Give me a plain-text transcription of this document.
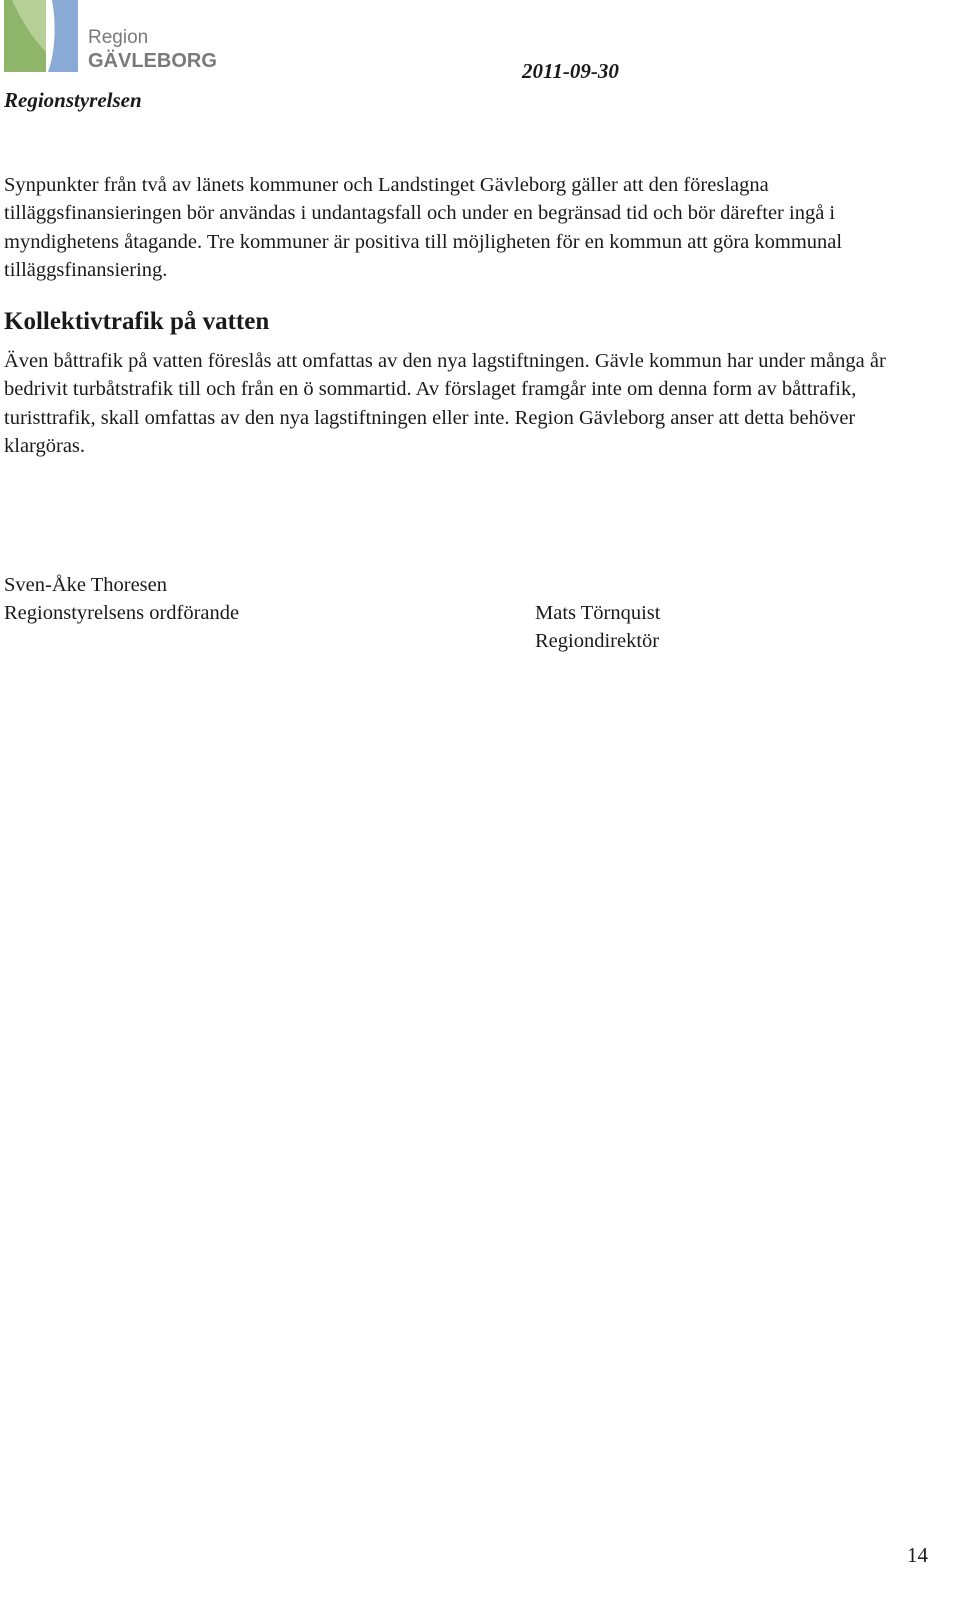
Region
GÄVLEBORG

Regionstyrelsen

2011-09-30

Synpunkter från två av länets kommuner och Landstinget Gävleborg gäller att den föreslagna tilläggsfinansieringen bör användas i undantagsfall och under en begränsad tid och bör därefter ingå i myndighetens åtagande. Tre kommuner är positiva till möjligheten för en kommun att göra kommunal tilläggsfinansiering.

Kollektivtrafik på vatten

Även båttrafik på vatten föreslås att omfattas av den nya lagstiftningen. Gävle kommun har under många år bedrivit turbåtstrafik till och från en ö sommartid. Av förslaget framgår inte om denna form av båttrafik, turisttrafik, skall omfattas av den nya lagstiftningen eller inte. Region Gävleborg anser att detta behöver klargöras.

Sven-Åke Thoresen
Regionstyrelsens ordförande	Mats Törnquist
Regiondirektör

14
